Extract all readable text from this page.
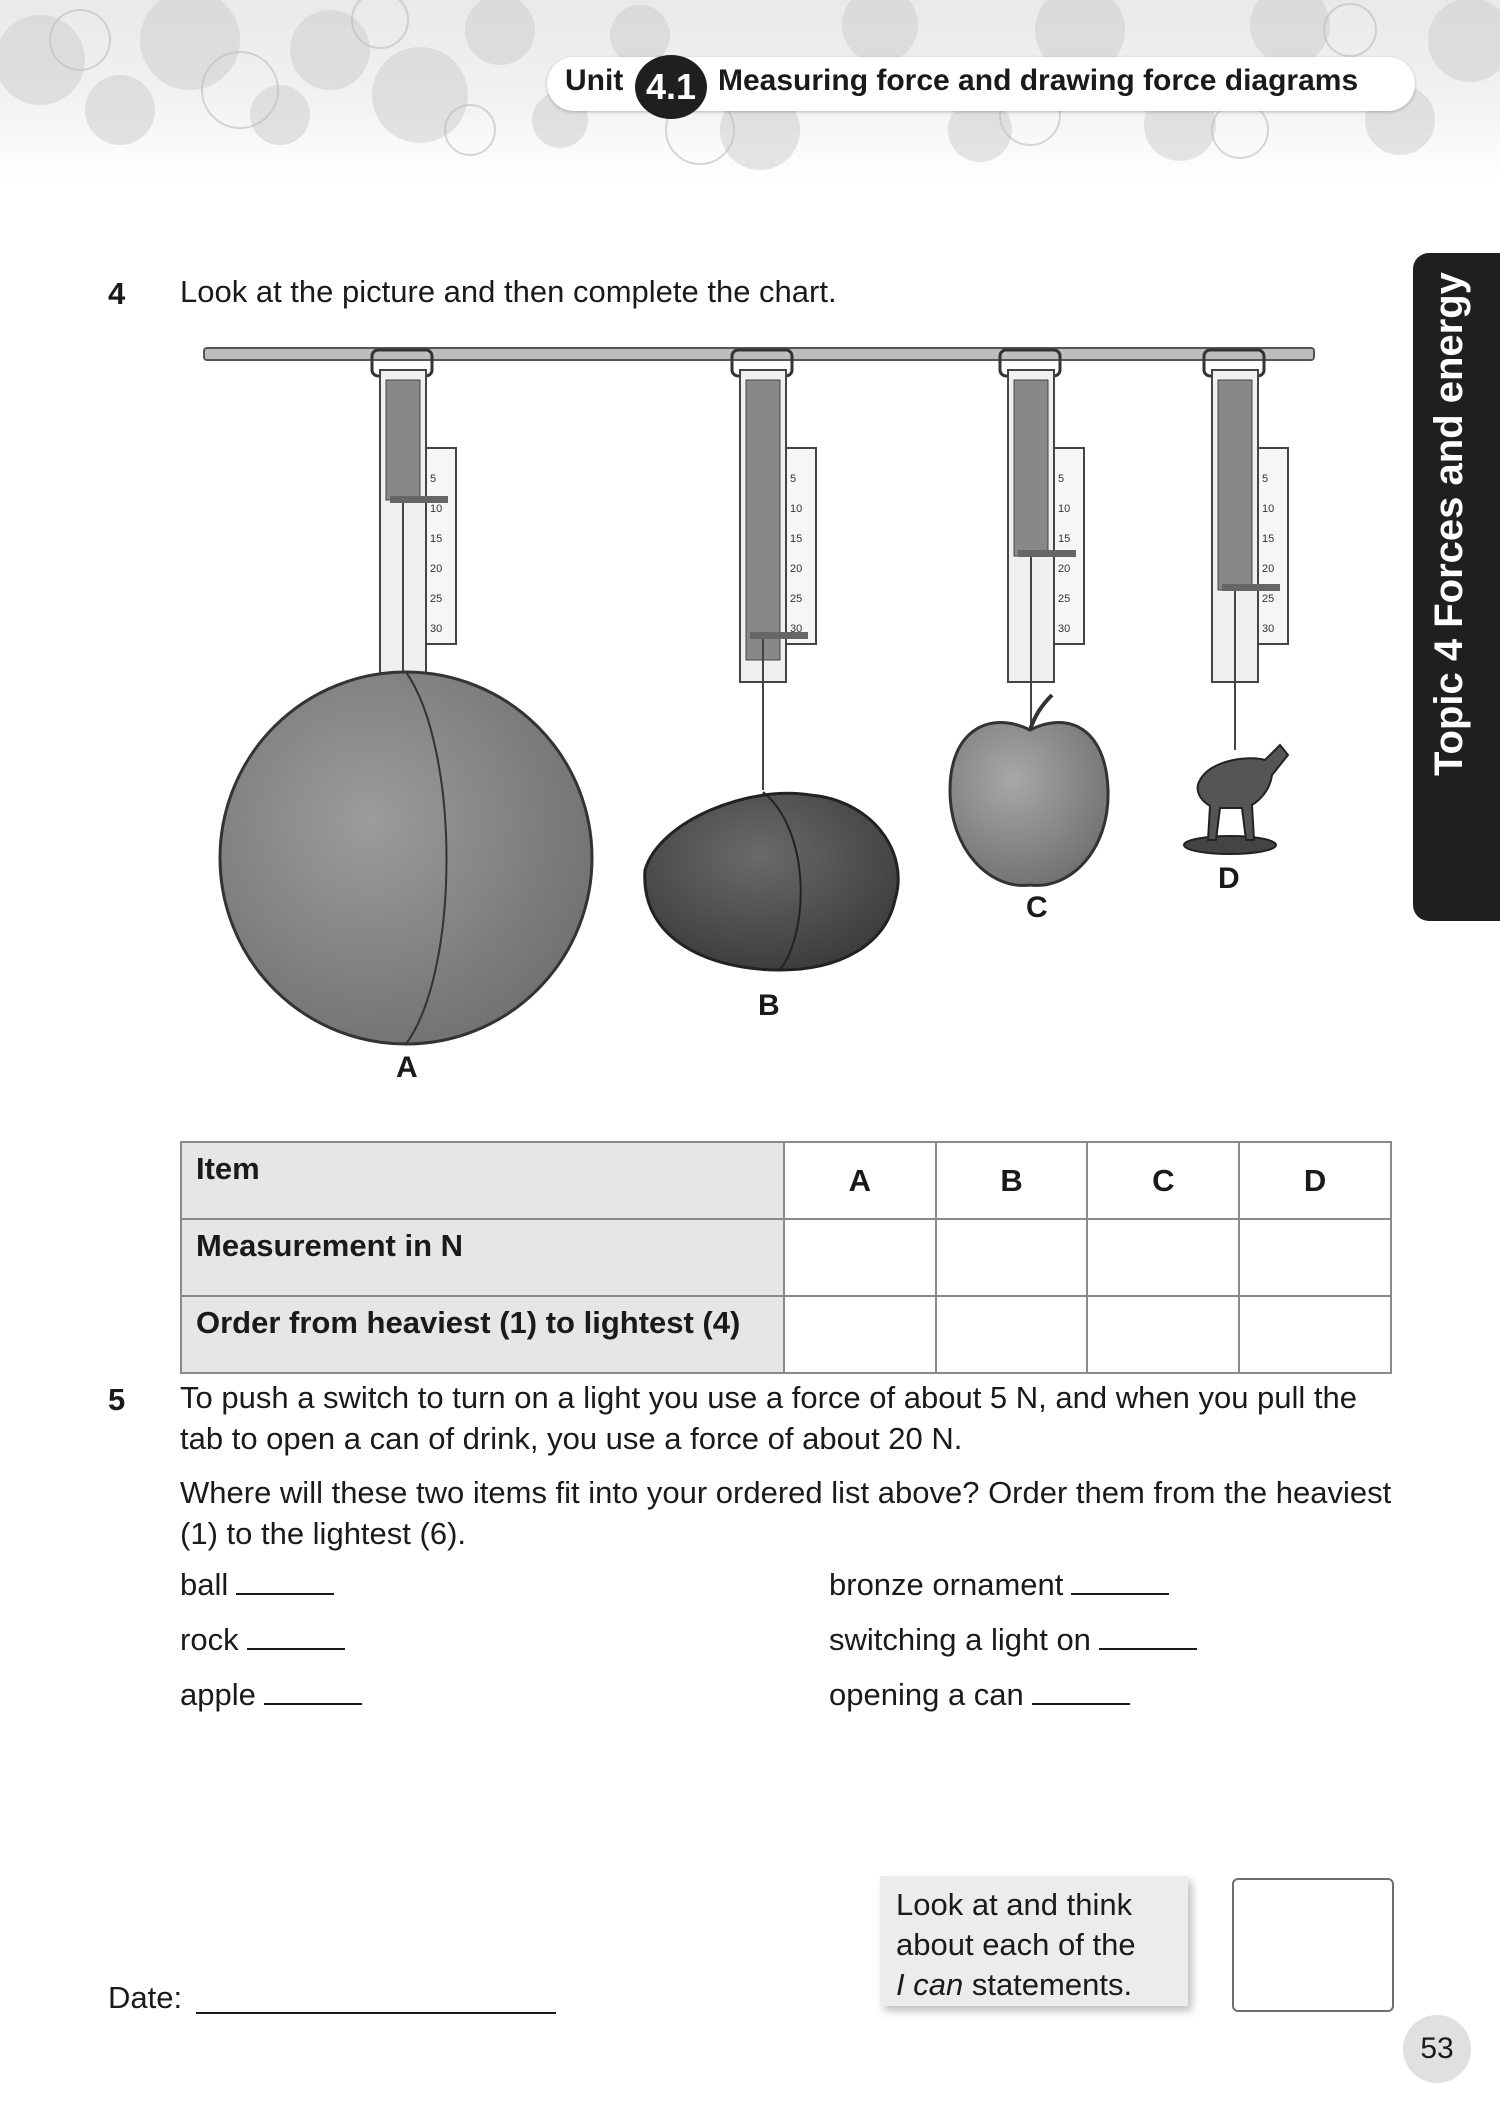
Unit 4.1 Measuring force and drawing force diagrams
Topic 4 Forces and energy
4 Look at the picture and then complete the chart.
5
10
15
20
25
30
5
10
15
20
25
30
5
10
15
20
25
30
5
10
15
20
25
30
A
B
C
D
Item	A	B	C	D
Measurement in N				
Order from heaviest (1) to lightest (4)				
5 To push a switch to turn on a light you use a force of about 5 N, and when you pull the tab to open a can of drink, you use a force of about 20 N.
Where will these two items fit into your ordered list above? Order them from the heaviest (1) to the lightest (6).
ball
rock
apple
bronze ornament
switching a light on
opening a can
Look at and think
about each of the
I can statements.
Date:
53
